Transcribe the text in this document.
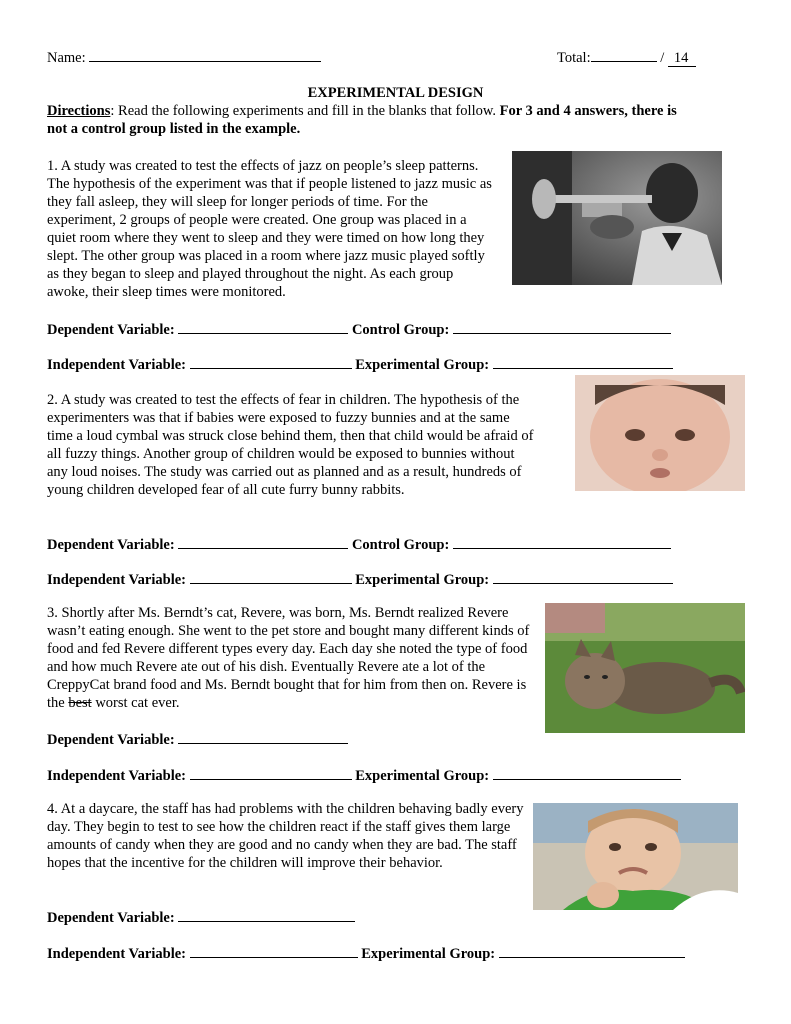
Name:	Total:	/ 14
EXPERIMENTAL DESIGN
Directions: Read the following experiments and fill in the blanks that follow. For 3 and 4 answers, there is not a control group listed in the example.
1. A study was created to test the effects of jazz on people’s sleep patterns. The hypothesis of the experiment was that if people listened to jazz music as they fall asleep, they will sleep for longer periods of time. For the experiment, 2 groups of people were created. One group was placed in a quiet room where they went to sleep and they were timed on how long they slept. The other group was placed in a room where jazz music played softly as they began to sleep and played throughout the night. As each group awoke, their sleep times were monitored.
Dependent Variable:	Control Group:
Independent Variable:	Experimental Group:
2. A study was created to test the effects of fear in children. The hypothesis of the experimenters was that if babies were exposed to fuzzy bunnies and at the same time a loud cymbal was struck close behind them, then that child would be afraid of all fuzzy things. Another group of children would be exposed to bunnies without any loud noises. The study was carried out as planned and as a result, hundreds of young children developed fear of all cute furry bunny rabbits.
Dependent Variable:	Control Group:
Independent Variable:	Experimental Group:
3. Shortly after Ms. Berndt’s cat, Revere, was born, Ms. Berndt realized Revere wasn’t eating enough. She went to the pet store and bought many different kinds of food and fed Revere different types every day. Each day she noted the type of food and how much Revere ate out of his dish. Eventually Revere ate a lot of the CreppyCat brand food and Ms. Berndt bought that for him from then on. Revere is the best worst cat ever.
Dependent Variable:
Independent Variable:	Experimental Group:
4. At a daycare, the staff has had problems with the children behaving badly every day. They begin to test to see how the children react if the staff gives them large amounts of candy when they are good and no candy when they are bad. The staff hopes that the incentive for the children will improve their behavior.
Dependent Variable:
Independent Variable:	Experimental Group:
